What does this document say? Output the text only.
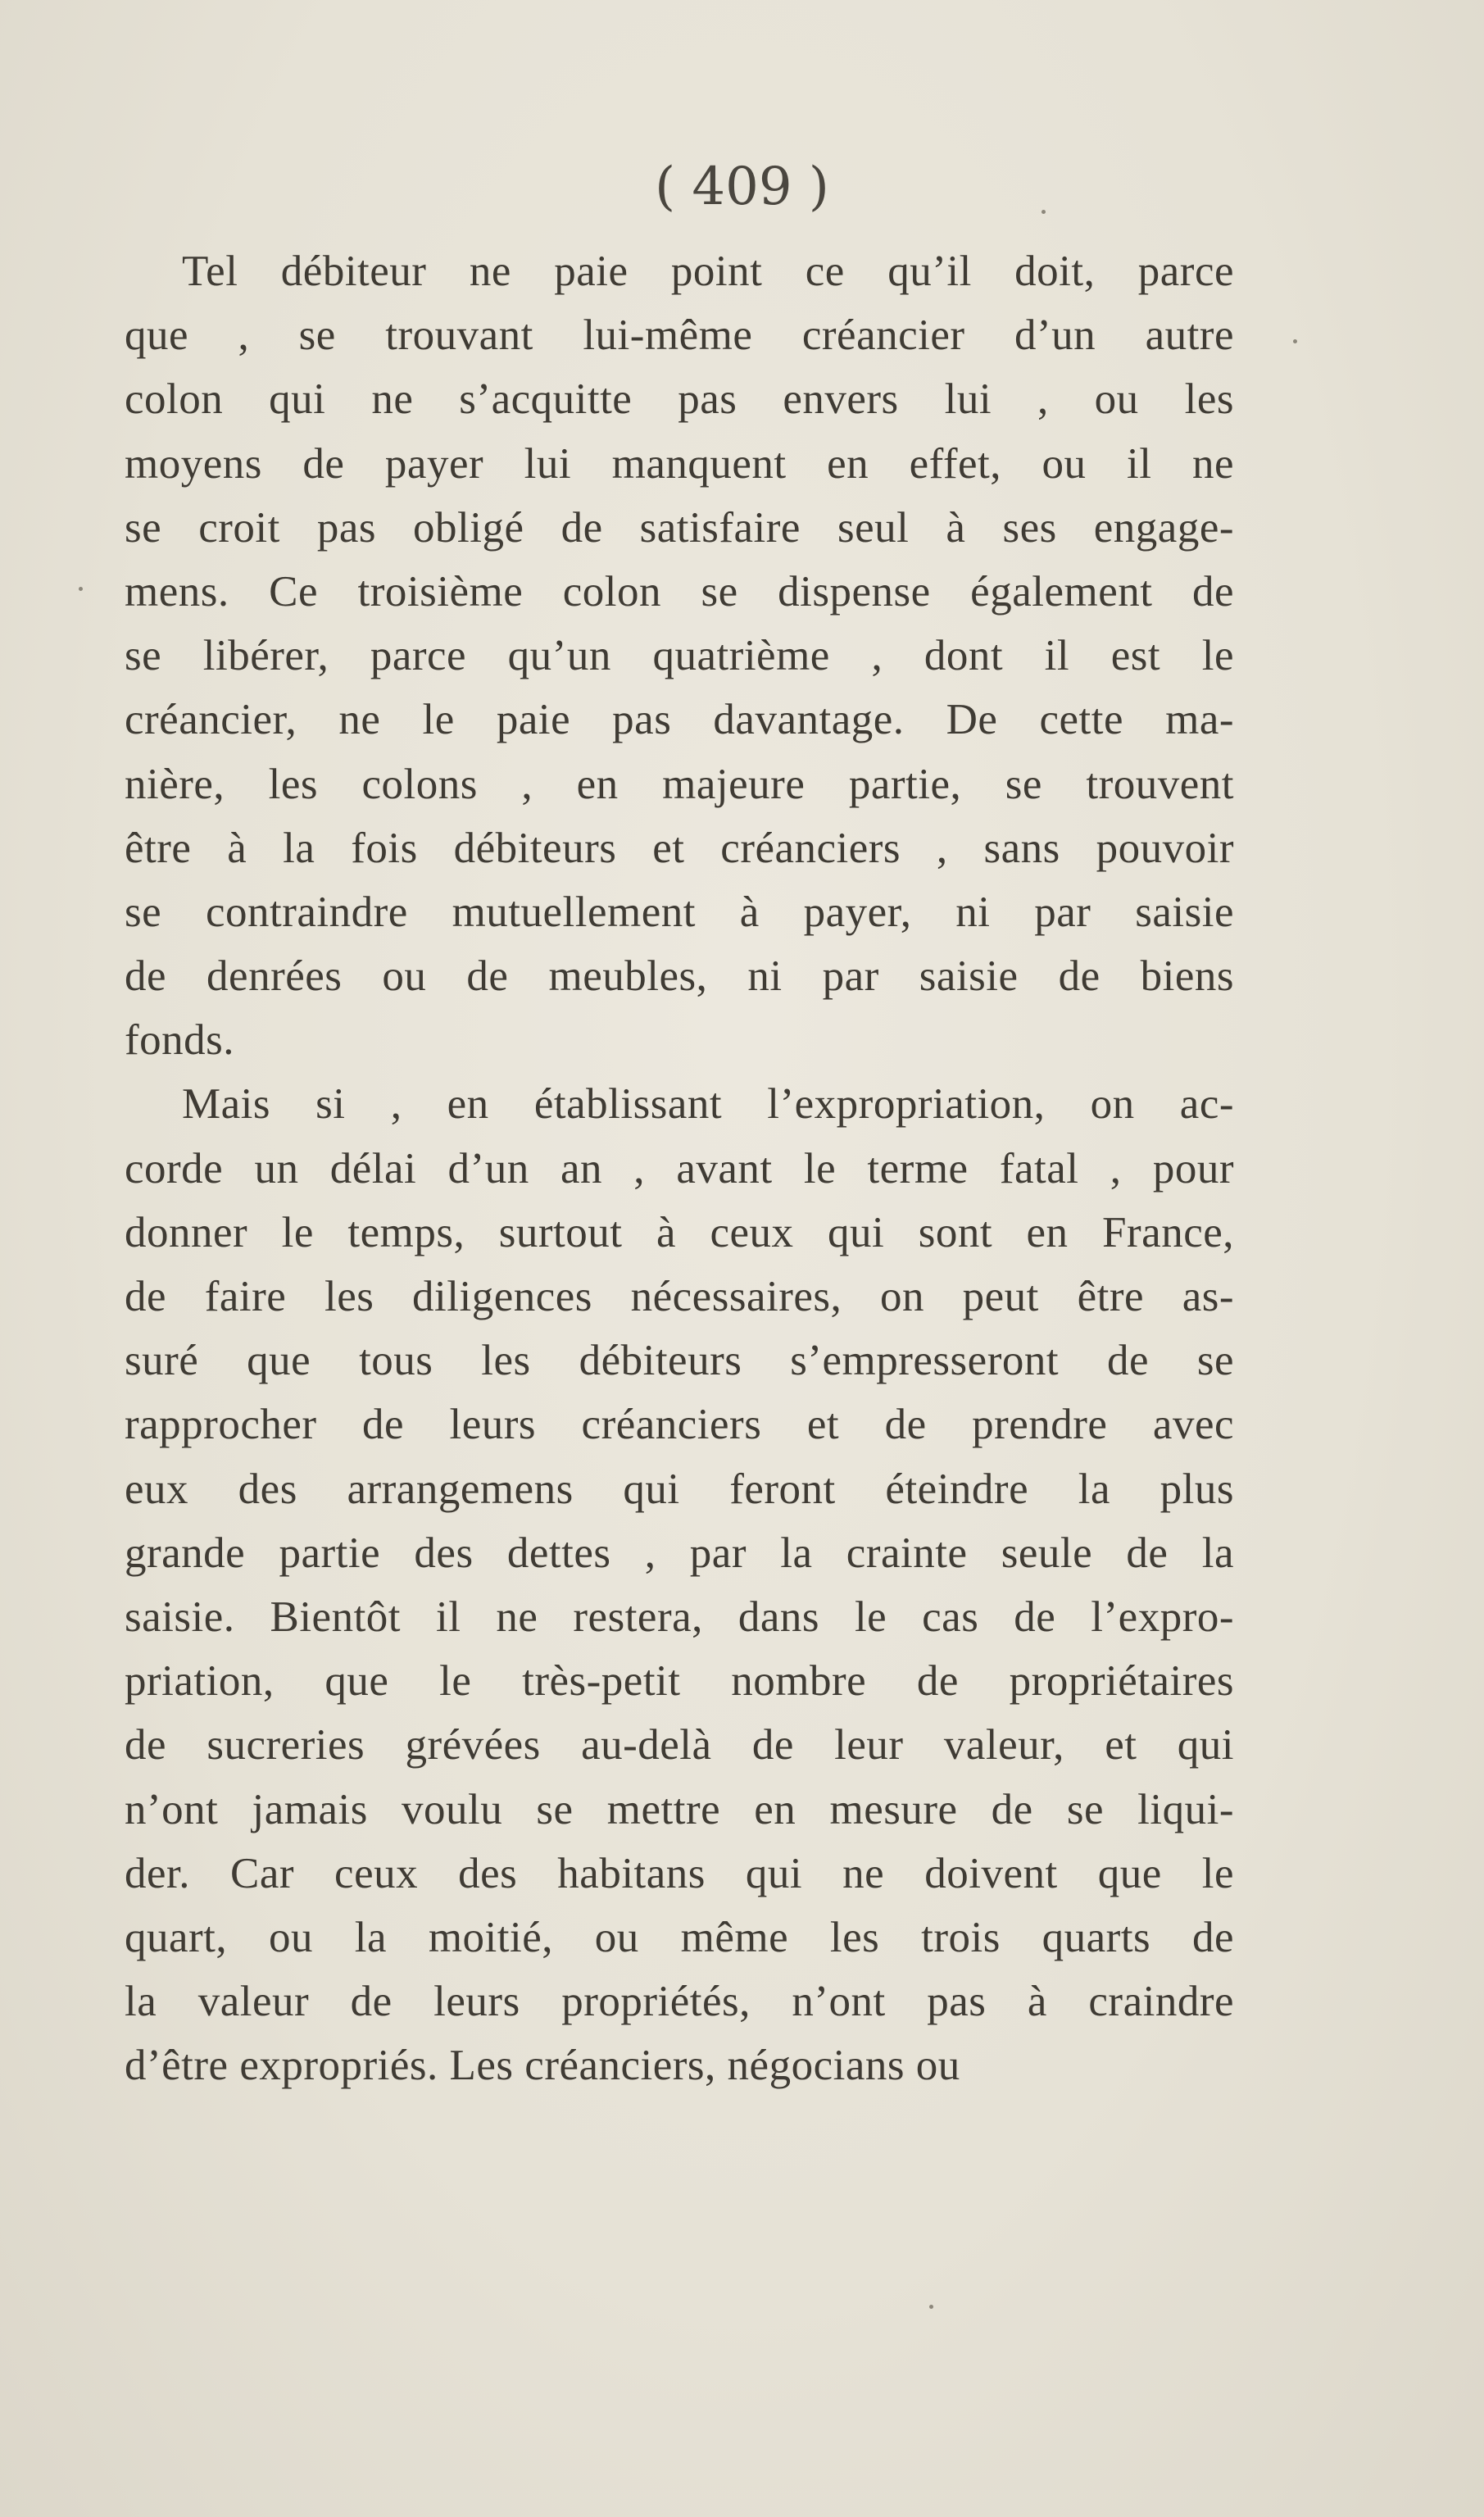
( 409 )
Tel débiteur ne paie point ce qu’il doit, parce
que , se trouvant lui-même créancier d’un autre
colon qui ne s’acquitte pas envers lui , ou les
moyens de payer lui manquent en effet, ou il ne
se croit pas obligé de satisfaire seul à ses engage-
mens. Ce troisième colon se dispense également de
se libérer, parce qu’un quatrième , dont il est le
créancier, ne le paie pas davantage. De cette ma-
nière, les colons , en majeure partie, se trouvent
être à la fois débiteurs et créanciers , sans pouvoir
se contraindre mutuellement à payer, ni par saisie
de denrées ou de meubles, ni par saisie de biens
fonds.
Mais si , en établissant l’expropriation, on ac-
corde un délai d’un an , avant le terme fatal , pour
donner le temps, surtout à ceux qui sont en France,
de faire les diligences nécessaires, on peut être as-
suré que tous les débiteurs s’empresseront de se
rapprocher de leurs créanciers et de prendre avec
eux des arrangemens qui feront éteindre la plus
grande partie des dettes , par la crainte seule de la
saisie. Bientôt il ne restera, dans le cas de l’expro-
priation, que le très-petit nombre de propriétaires
de sucreries grévées au-delà de leur valeur, et qui
n’ont jamais voulu se mettre en mesure de se liqui-
der. Car ceux des habitans qui ne doivent que le
quart, ou la moitié, ou même les trois quarts de
la valeur de leurs propriétés, n’ont pas à craindre
d’être expropriés. Les créanciers, négocians ou
